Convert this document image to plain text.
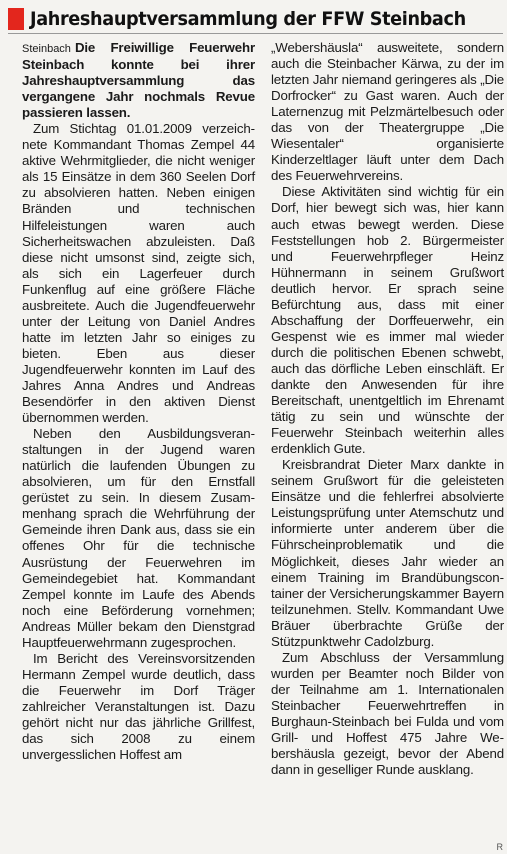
Jahreshauptversammlung der FFW Steinbach

Steinbach Die Freiwillige Feuerwehr Steinbach konnte bei ihrer Jahreshauptversammlung das vergangene Jahr nochmals Revue passieren lassen.

Zum Stichtag 01.01.2009 verzeichnete Kommandant Thomas Zempel 44 aktive Wehrmitglieder, die nicht weniger als 15 Einsätze in dem 360 Seelen Dorf zu absolvieren hatten. Neben einigen Bränden und technischen Hilfeleistungen waren auch Sicherheitswachen abzuleisten. Daß diese nicht umsonst sind, zeigte sich, als sich ein Lagerfeuer durch Funkenflug auf eine größere Fläche ausbreitete. Auch die Jugendfeuerwehr unter der Leitung von Daniel Andres hatte im letzten Jahr so einiges zu bieten. Eben aus dieser Jugendfeuerwehr konnten im Lauf des Jahres Anna Andres und Andreas Besendörfer in den aktiven Dienst übernommen werden.

Neben den Ausbildungsveranstaltungen in der Jugend waren natürlich die laufenden Übungen zu absolvieren, um für den Ernstfall gerüstet zu sein. In diesem Zusammenhang sprach die Wehrführung der Gemeinde ihren Dank aus, dass sie ein offenes Ohr für die technische Ausrüstung der Feuerwehren im Gemeindegebiet hat. Kommandant Zempel konnte im Laufe des Abends noch eine Beförderung vornehmen; Andreas Müller bekam den Dienstgrad Hauptfeuerwehrmann zugesprochen.

Im Bericht des Vereinsvorsitzenden Hermann Zempel wurde deutlich, dass die Feuerwehr im Dorf Träger zahlreicher Veranstaltungen ist. Dazu gehört nicht nur das jährliche Grillfest, das sich 2008 zu einem unvergesslichen Hoffest am

„Webershäusla“ ausweitete, sondern auch die Steinbacher Kärwa, zu der im letzten Jahr niemand geringeres als „Die Dorfrocker“ zu Gast waren. Auch der Laternenzug mit Pelzmärtelbesuch oder das von der Theatergruppe „Die Wiesentaler“ organisierte Kinderzeltlager läuft unter dem Dach des Feuerwehrvereins.

Diese Aktivitäten sind wichtig für ein Dorf, hier bewegt sich was, hier kann auch etwas bewegt werden. Diese Feststellungen hob 2. Bürgermeister und Feuerwehrpfleger Heinz Hühnermann in seinem Grußwort deutlich hervor. Er sprach seine Befürchtung aus, dass mit einer Abschaffung der Dorffeuerwehr, ein Gespenst wie es immer mal wieder durch die politischen Ebenen schwebt, auch das dörfliche Leben einschläft. Er dankte den Anwesenden für ihre Bereitschaft, unentgeltlich im Ehrenamt tätig zu sein und wünschte der Feuerwehr Steinbach weiterhin alles erdenklich Gute.

Kreisbrandrat Dieter Marx dankte in seinem Grußwort für die geleisteten Einsätze und die fehlerfrei absolvierte Leistungsprüfung unter Atemschutz und informierte unter anderem über die Führscheinproblematik und die Möglichkeit, dieses Jahr wieder an einem Training im Brandübungscontainer der Versicherungskammer Bayern teilzunehmen. Stellv. Kommandant Uwe Bräuer überbrachte Grüße der Stützpunktwehr Cadolzburg.

Zum Abschluss der Versammlung wurden per Beamter noch Bilder von der Teilnahme am 1. Internationalen Steinbacher Feuerwehrtreffen in Burghaun-Steinbach bei Fulda und vom Grill- und Hoffest 475 Jahre Webershäusla gezeigt, bevor der Abend dann in geselliger Runde ausklang.

R
